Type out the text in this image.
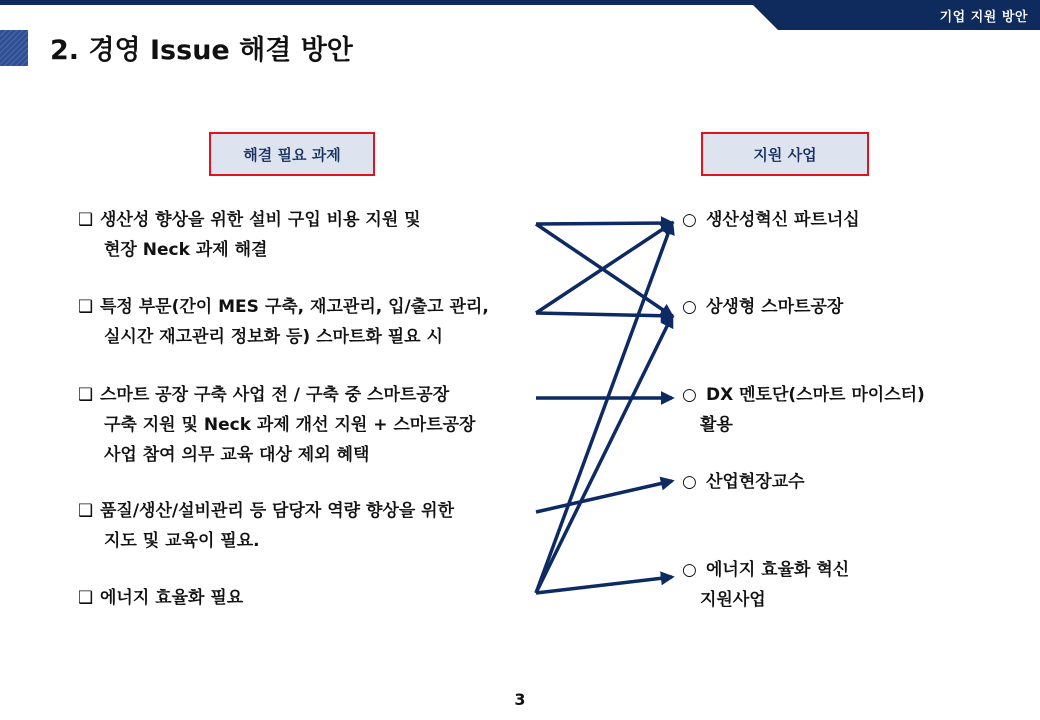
기업 지원 방안
2. 경영 Issue 해결 방안
해결 필요 과제	지원 사업
❑ 생산성 향상을 위한 설비 구입 비용 지원 및
현장 Neck 과제 해결
❑ 특정 부문(간이 MES 구축, 재고관리, 입/출고 관리,
실시간 재고관리 정보화 등) 스마트화 필요 시
❑ 스마트 공장 구축 사업 전 / 구축 중 스마트공장
구축 지원 및 Neck 과제 개선 지원 + 스마트공장
사업 참여 의무 교육 대상 제외 혜택
❑ 품질/생산/설비관리 등 담당자 역량 향상을 위한
지도 및 교육이 필요.
❑ 에너지 효율화 필요
○ 생산성혁신 파트너십
○ 상생형 스마트공장
○ DX 멘토단(스마트 마이스터)
활용
○ 산업현장교수
○ 에너지 효율화 혁신
지원사업
3
